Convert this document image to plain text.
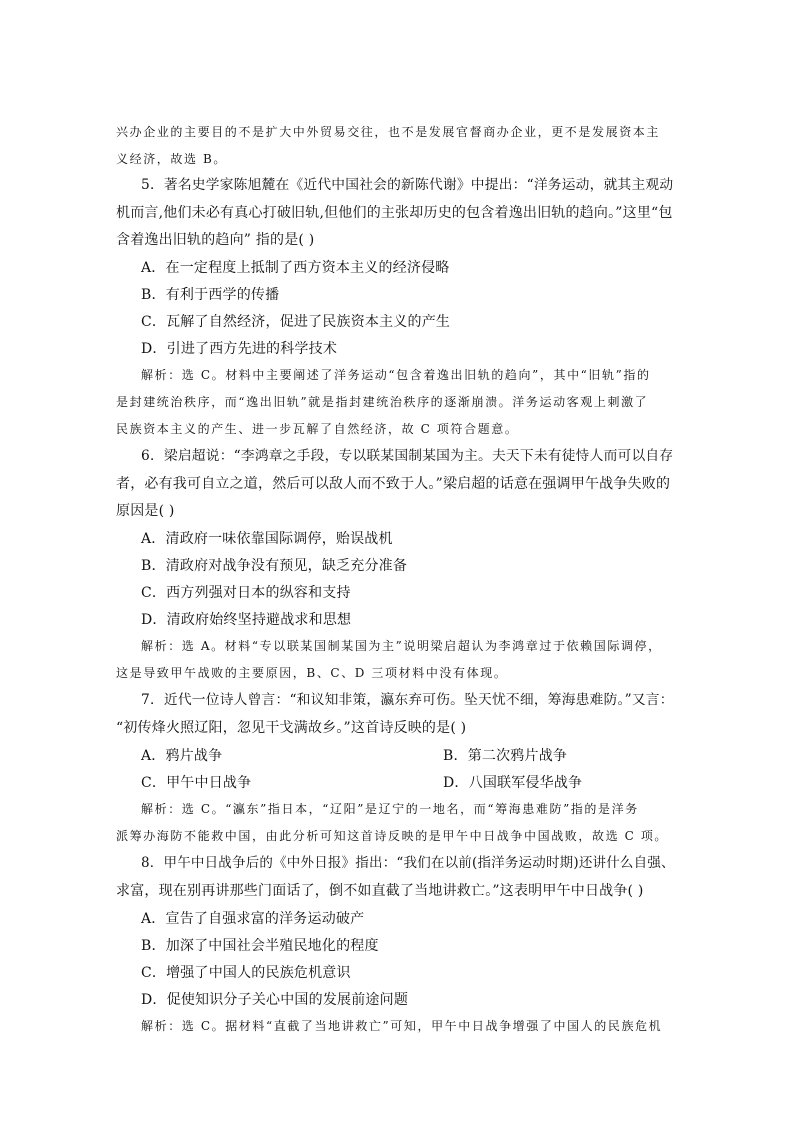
兴办企业的主要目的不是扩大中外贸易交往，也不是发展官督商办企业，更不是发展资本主
义经济，故选 B。
5．著名史学家陈旭麓在《近代中国社会的新陈代谢》中提出：“洋务运动，就其主观动
机而言,他们未必有真心打破旧轨,但他们的主张却历史的包含着逸出旧轨的趋向。”这里“包
含着逸出旧轨的趋向” 指的是( )
A．在一定程度上抵制了西方资本主义的经济侵略
B．有利于西学的传播
C．瓦解了自然经济，促进了民族资本主义的产生
D．引进了西方先进的科学技术
解析：选 C。材料中主要阐述了洋务运动“包含着逸出旧轨的趋向”，其中“旧轨”指的
是封建统治秩序，而“逸出旧轨”就是指封建统治秩序的逐渐崩溃。洋务运动客观上刺激了
民族资本主义的产生、进一步瓦解了自然经济，故 C 项符合题意。
6．梁启超说：“李鸿章之手段，专以联某国制某国为主。夫天下未有徒恃人而可以自存
者，必有我可自立之道，然后可以敌人而不致于人。”梁启超的话意在强调甲午战争失败的
原因是( )
A．清政府一味依靠国际调停，贻误战机
B．清政府对战争没有预见，缺乏充分准备
C．西方列强对日本的纵容和支持
D．清政府始终坚持避战求和思想
解析：选 A。材料“专以联某国制某国为主”说明梁启超认为李鸿章过于依赖国际调停，
这是导致甲午战败的主要原因，B、C、D 三项材料中没有体现。
7．近代一位诗人曾言：“和议知非策，瀛东弃可伤。坠天忧不细，筹海患难防。”又言：
“初传烽火照辽阳，忽见干戈满故乡。”这首诗反映的是( )
A．鸦片战争	B．第二次鸦片战争
C．甲午中日战争	D．八国联军侵华战争
解析：选 C。“瀛东”指日本，“辽阳”是辽宁的一地名，而“筹海患难防”指的是洋务
派筹办海防不能救中国，由此分析可知这首诗反映的是甲午中日战争中国战败，故选 C 项。
8．甲午中日战争后的《中外日报》指出：“我们在以前(指洋务运动时期)还讲什么自强、
求富，现在别再讲那些门面话了，倒不如直截了当地讲救亡。”这表明甲午中日战争( )
A．宣告了自强求富的洋务运动破产
B．加深了中国社会半殖民地化的程度
C．增强了中国人的民族危机意识
D．促使知识分子关心中国的发展前途问题
解析：选 C。据材料“直截了当地讲救亡”可知，甲午中日战争增强了中国人的民族危机
